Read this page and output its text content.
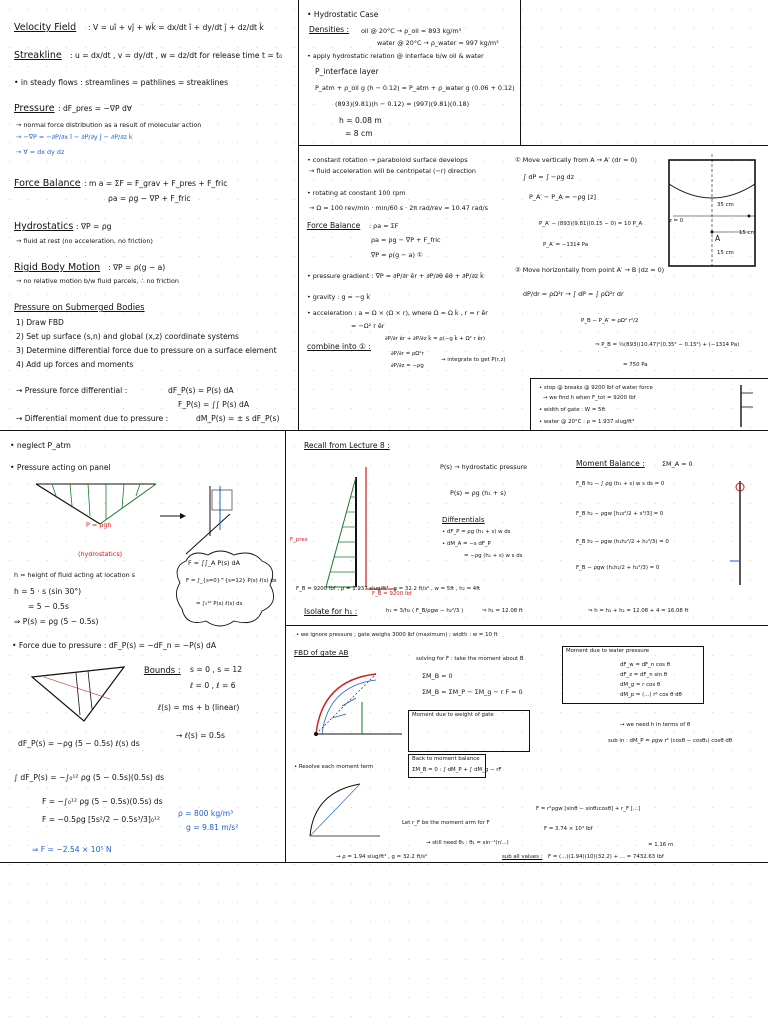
Velocity Field : V = uî + vĵ + wk̂ = dx/dt î + dy/dt ĵ + dz/dt k̂
Streakline : u = dx/dt , v = dy/dt , w = dz/dt for release time t = t₀
• in steady flows : streamlines = pathlines = streaklines
Pressure : dF_pres = −∇P d∀
→ normal force distribution as a result of molecular action
→ −∇P = −∂P/∂x î − ∂P/∂y ĵ − ∂P/∂z k̂
→ ∀ = dx dy dz
Force Balance : m a = ΣF = F_grav + F_pres + F_fric
ρa = ρg − ∇P + F_fric
Hydrostatics : ∇P = ρg
→ fluid at rest (no acceleration, no friction)
Rigid Body Motion : ∇P = ρ(g − a)
→ no relative motion b/w fluid parcels, ∴ no friction
Pressure on Submerged Bodies
1) Draw FBD
2) Set up surface (s,n) and global (x,z) coordinate systems
3) Determine differential force due to pressure on a surface element
4) Add up forces and moments
→ Pressure force differential :	dF_P(s) = P(s) dA
F_P(s) = ∫∫ P(s) dA
→ Differential moment due to pressure :	dM_P(s) = ± s dF_P(s)
• Hydrostatic Case
Densities : oil @ 20°C → ρ_oil = 893 kg/m³
water @ 20°C → ρ_water = 997 kg/m³
• apply hydrostatic relation @ interface b/w oil & water
P_interface layer
P_atm + ρ_oil g (h − 0.12) = P_atm + ρ_water g (0.06 + 0.12)
(893)(9.81)(h − 0.12) = (997)(9.81)(0.18)
h = 0.08 m
= 8 cm
• constant rotation → paraboloid surface develops
→ fluid acceleration will be centripetal (−r) direction
• rotating at constant 100 rpm
→ Ω = 100 rev/min · min/60 s · 2π rad/rev = 10.47 rad/s
Force Balance : ρa = ΣF
ρa = ρg − ∇P + F_fric
∇P = ρ(g − a) ①
• pressure gradient : ∇P = ∂P/∂r êr + ∂P/∂θ êθ + ∂P/∂z k̂
• gravity : g = −g k̂
• acceleration : a = Ω × (Ω × r), where Ω = Ω k̂ , r = r êr
= −Ω² r êr
combine into ① :
∂P/∂r êr + ∂P/∂z k̂ = ρ(−g k̂ + Ω² r êr)
∂P/∂r = ρΩ²r
∂P/∂z = −ρg
→ integrate to get P(r,z)
① Move vertically from A → A′ (dr = 0)
∫ dP = ∫ −ρg dz
P_A′ − P_A = −ρg [z]
P_A′ − (893)(9.81)(0.15 − 0) = 10 P_A
P_A′ = −1314 Pa
② Move horizontally from point A′ → B (dz = 0)
dP/dr = ρΩ²r → ∫ dP = ∫ ρΩ²r dr
P_B − P_A′ = ρΩ² r²/2
⇒ P_B = ½(893)(10.47)²(0.35² − 0.15²) + (−1314 Pa)
= 750 Pa
z = 0
35 cm
15 cm
15 cm
A
• stop @ breaks @ 9200 lbf of water force
→ we find h when F_tot = 9200 lbf
• width of gate : W = 5ft
• water @ 20°C : ρ = 1.937 slug/ft³
• neglect P_atm
• Pressure acting on panel
P = ρgh
(hydrostatics)
F = ∫∫_A P(s) dA
F = ∫_{s=0}^{s=12} P(s) ℓ(s) ds
= ∫₀¹² P(s) ℓ(s) ds
h = height of fluid acting at location s
h = 5 · s (sin 30°)
= 5 − 0.5s
⇒ P(s) = ρg (5 − 0.5s)
• Force due to pressure : dF_P(s) = −dF_n = −P(s) dA
Bounds : s = 0 , s = 12
ℓ = 0 , ℓ = 6
ℓ(s) = ms + b (linear)
→ ℓ(s) = 0.5s
dF_P(s) = −ρg (5 − 0.5s) ℓ(s) ds
∫ dF_P(s) = −∫₀¹² ρg (5 − 0.5s)(0.5s) ds
F = −∫₀¹² ρg (5 − 0.5s)(0.5s) ds
F = −0.5ρg [5s²/2 − 0.5s³/3]₀¹²
ρ = 800 kg/m³
g = 9.81 m/s²
⇒ F = −2.54 × 10⁵ N
Recall from Lecture 8 :
F_pres
F_B = 9200 lbf
P(s) → hydrostatic pressure
P(s) = ρg (h₁ + s)
Differentials
• dF_P = ρg (h₁ + s) w ds
• dM_A = −s dF_P
= −ρg (h₁ + s) w s ds
Moment Balance :	ΣM_A = 0
F_B h₂ − ∫ ρg (h₁ + s) w s ds = 0
F_B h₂ − ρgw [h₁s²/2 + s³/3] = 0
F_B h₂ − ρgw (h₁h₂²/2 + h₂³/3) = 0
F_B − ρgw (h₁h₂/2 + h₂²/3) = 0
F_B = 9200 lbf , ρ = 1.937 slug/ft³ , g = 32.2 ft/s² , w = 5ft , h₂ = 4ft
Isolate for h₁ :	h₁ = 3/h₂ ( F_B/ρgw − h₂²/3 )	⇒ h₁ = 12.08 ft	⇒ h = h₁ + h₂ = 12.08 + 4 = 16.08 ft
• we ignore pressure ; gate weighs 3000 lbf (maximum) ; width : w = 10 ft
FBD of gate AB
solving for F : take the moment about B
ΣM_B = 0
ΣM_B = ΣM_P − ΣM_g − r F = 0
Moment due to water pressure
dF_w = dF_n cos θ
dF_z = dF_n sin θ
dM_g = r cos θ
dM_p = (...) r² cos θ dθ
→ we need h in terms of θ
sub in : dM_P = ρgw r² (cosθ − cosθ₁) cosθ dθ
Moment due to weight of gate
Back to moment balance
ΣM_B = 0 : ∫ dM_P + ∫ dM_g − rF
• Resolve each moment term
Let r_F be the moment arm for F
F = r²ρgw [sinθ − sinθ₁cosθ] + r_F [...]
F = 3.74 × 10⁴ lbf
→ still need θ₁ : θ₁ = sin⁻¹(r/...)	= 1.16 m
→ ρ = 1.94 slug/ft³ , g = 32.2 ft/s²	sub all values : F = (...)(1.94)(10)(32.2) + ... = 7432.63 lbf
